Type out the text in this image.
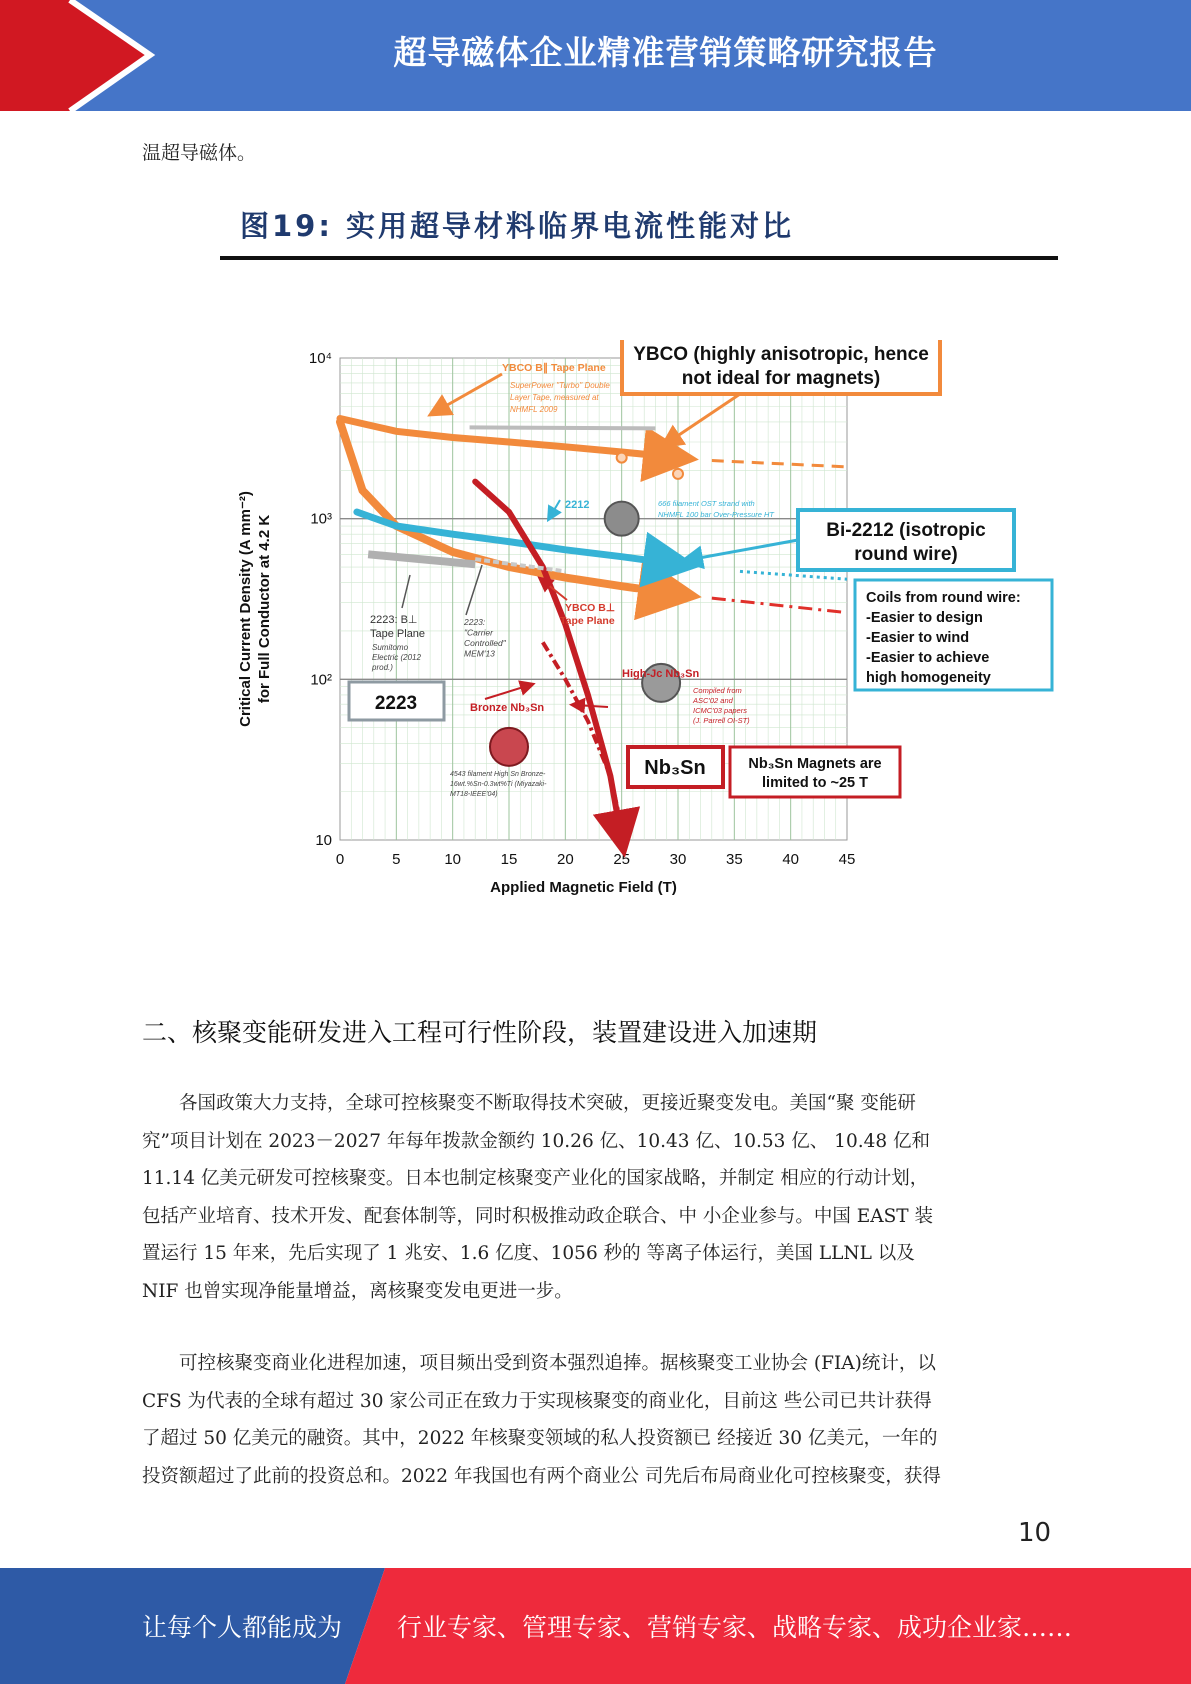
超导磁体企业精准营销策略研究报告
温超导磁体。
图19: 实用超导材料临界电流性能对比
0	5	10	15	20	25	30	35	40	45
10
10²
10³
10⁴
Applied Magnetic Field (T)
Critical Current Density (A mm⁻²) for Full Conductor at 4.2 K
YBCO (highly anisotropic, hence
not ideal for magnets)
Bi-2212 (isotropic
round wire)
Coils from round wire:
-Easier to design
-Easier to wind
-Easier to achieve
high homogeneity
2223
Nb₃Sn	Nb₃Sn Magnets are
limited to ~25 T
YBCO B∥ Tape Plane
SuperPower "Turbo" Double
Layer Tape, measured at
NHMFL 2009
YBCO B⊥
Tape Plane
2212	666 filament OST strand with
NHMFL 100 bar Over-Pressure HT
2223: B⊥
Tape Plane
Sumitomo
Electric (2012
prod.)
2223:
"Carrier
Controlled"
MEM'13
High-Jc Nb₃Sn
Compiled from
ASC'02 and
ICMC'03 papers
(J. Parrell OI-ST)
Bronze Nb₃Sn
4543 filament High Sn Bronze-
16wt.%Sn-0.3wt%Ti (Miyazaki-
MT18-IEEE'04)
二、核聚变能研发进入工程可行性阶段，装置建设进入加速期
　　各国政策大力支持，全球可控核聚变不断取得技术突破，更接近聚变发电。美国“聚 变能研
究”项目计划在 2023－2027 年每年拨款金额约 10.26 亿、10.43 亿、10.53 亿、 10.48 亿和
11.14 亿美元研发可控核聚变。日本也制定核聚变产业化的国家战略，并制定 相应的行动计划，
包括产业培育、技术开发、配套体制等，同时积极推动政企联合、中 小企业参与。中国 EAST 装
置运行 15 年来，先后实现了 1 兆安、1.6 亿度、1056 秒的 等离子体运行，美国 LLNL 以及
NIF 也曾实现净能量增益，离核聚变发电更进一步。
　　可控核聚变商业化进程加速，项目频出受到资本强烈追捧。据核聚变工业协会 (FIA)统计，以
CFS 为代表的全球有超过 30 家公司正在致力于实现核聚变的商业化，目前这 些公司已共计获得
了超过 50 亿美元的融资。其中，2022 年核聚变领域的私人投资额已 经接近 30 亿美元，一年的
投资额超过了此前的投资总和。2022 年我国也有两个商业公 司先后布局商业化可控核聚变，获得
10
让每个人都能成为 行业专家、管理专家、营销专家、战略专家、成功企业家……
